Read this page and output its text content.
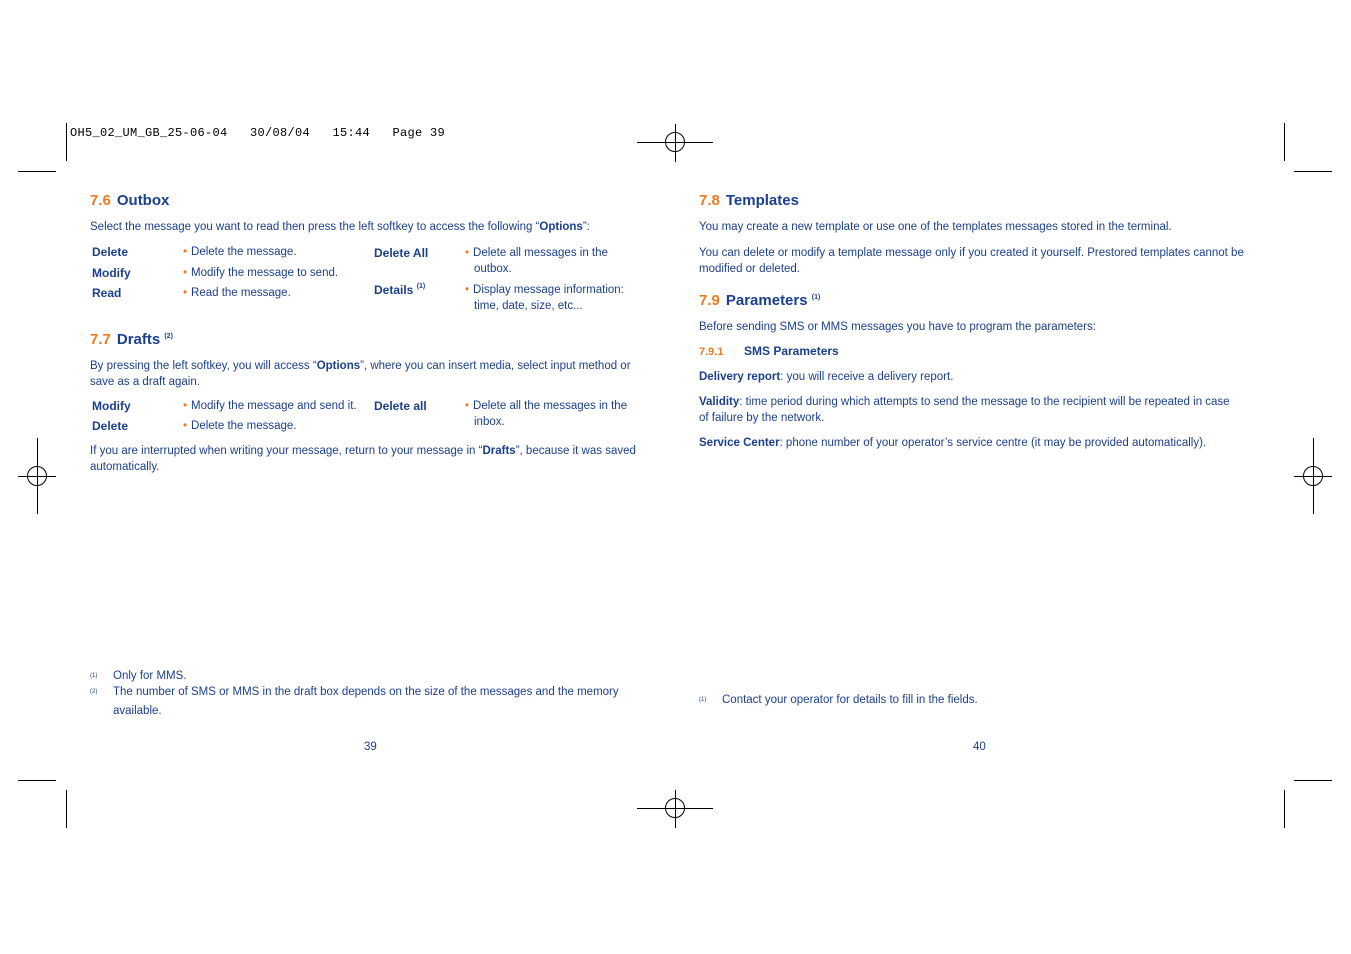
OH5_02_UM_GB_25-06-04   30/08/04   15:44   Page 39
7.6 Outbox
Select the message you want to read then press the left softkey to access the following “Options”:
Delete	• Delete the message.
Modify	• Modify the message to send.
Read	• Read the message.
Delete All	• Delete all messages in the
outbox.
Details $^{(1)}$	• Display message information:
time, date, size, etc...
7.7 Drafts $^{(2)}$
By pressing the left softkey, you will access “Options”, where you can insert media, select input method or
save as a draft again.
Modify	• Modify the message and send it.
Delete	• Delete the message.
Delete all	• Delete all the messages in the
inbox.
If you are interrupted when writing your message, return to your message in “Drafts”, because it was saved
automatically.
$^{(1)}$ Only for MMS.
$^{(2)}$ The number of SMS or MMS in the draft box depends on the size of the messages and the memory

available.
39
7.8 Templates
You may create a new template or use one of the templates messages stored in the terminal.
You can delete or modify a template message only if you created it yourself. Prestored templates cannot be
modified or deleted.
7.9 Parameters $^{(1)}$
Before sending SMS or MMS messages you have to program the parameters:
7.9.1 SMS Parameters
Delivery report: you will receive a delivery report.
Validity: time period during which attempts to send the message to the recipient will be repeated in case
of failure by the network.
Service Center: phone number of your operator’s service centre (it may be provided automatically).
$^{(1)}$ Contact your operator for details to fill in the fields.
40
